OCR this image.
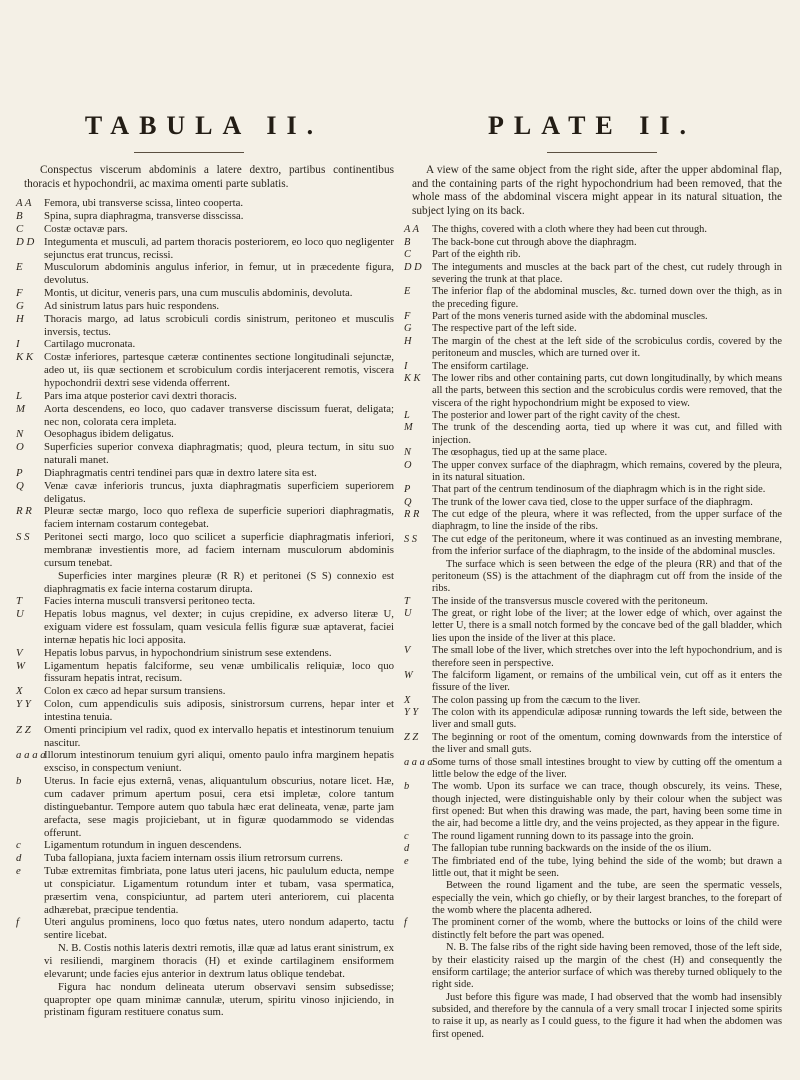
TABULA II.
Conspectus viscerum abdominis a latere dextro, partibus continentibus thoracis et hypochondrii, ac maxima omenti parte sublatis.
A A Femora, ubi transverse scissa, linteo cooperta.
B Spina, supra diaphragma, transverse disscissa.
C Costæ octavæ pars.
D D Integumenta et musculi, ad partem thoracis posteriorem, eo loco quo negligenter sejunctus erat truncus, recissi.
E Musculorum abdominis angulus inferior, in femur, ut in præcedente figura, devolutus.
F Montis, ut dicitur, veneris pars, una cum musculis abdominis, devoluta.
G Ad sinistrum latus pars huic respondens.
H Thoracis margo, ad latus scrobiculi cordis sinistrum, peritoneo et musculis inversis, tectus.
I Cartilago mucronata.
K K Costæ inferiores, partesque cæteræ continentes sectione longitudinali sejunctæ, adeo ut, iis quæ sectionem et scrobiculum cordis interjacerent remotis, viscera hypochondrii dextri sese videnda offerrent.
L Pars ima atque posterior cavi dextri thoracis.
M Aorta descendens, eo loco, quo cadaver transverse discissum fuerat, deligata; nec non, colorata cera impleta.
N Oesophagus ibidem deligatus.
O Superficies superior convexa diaphragmatis; quod, pleura tectum, in situ suo naturali manet.
P Diaphragmatis centri tendinei pars quæ in dextro latere sita est.
Q Venæ cavæ inferioris truncus, juxta diaphragmatis superficiem superiorem deligatus.
R R Pleuræ sectæ margo, loco quo reflexa de superficie superiori diaphragmatis, faciem internam costarum contegebat.
S S Peritonei secti margo, loco quo scilicet a superficie diaphragmatis inferiori, membranæ investientis more, ad faciem internam musculorum abdominis cursum tenebat.
Superficies inter margines pleuræ (R R) et peritonei (S S) connexio est diaphragmatis ex facie interna costarum dirupta.
T Facies interna musculi transversi peritoneo tecta.
U Hepatis lobus magnus, vel dexter; in cujus crepidine, ex adverso literæ U, exiguam videre est fossulam, quam vesicula fellis figuræ suæ aptaverat, faciei internæ hepatis hic loci apposita.
V Hepatis lobus parvus, in hypochondrium sinistrum sese extendens.
W Ligamentum hepatis falciforme, seu venæ umbilicalis reliquiæ, loco quo fissuram hepatis intrat, recisum.
X Colon ex cæco ad hepar sursum transiens.
Y Y Colon, cum appendiculis suis adiposis, sinistrorsum currens, hepar inter et intestina tenuia.
Z Z Omenti principium vel radix, quod ex intervallo hepatis et intestinorum tenuium nascitur.
a a a a
Illorum intestinorum tenuium gyri aliqui, omento paulo infra marginem hepatis exsciso, in conspectum veniunt.
b Uterus. In facie ejus externâ, venas, aliquantulum obscurius, notare licet. Hæ, cum cadaver primum apertum posui, cera etsi impletæ, colore tantum distinguebantur. Tempore autem quo tabula hæc erat delineata, venæ, parte jam arefacta, sese magis projiciebant, ut in figuræ quodammodo se videndas offerunt.
c Ligamentum rotundum in inguen descendens.
d Tuba fallopiana, juxta faciem internam ossis ilium retrorsum currens.
e Tubæ extremitas fimbriata, pone latus uteri jacens, hic paululum educta, nempe ut conspiciatur. Ligamentum rotundum inter et tubam, vasa spermatica, præsertim vena, conspiciuntur, ad partem uteri anteriorem, cui placenta adhærebat, præcipue tendentia.
f Uteri angulus prominens, loco quo fœtus nates, utero nondum adaperto, tactu sentire licebat.
N. B. Costis nothis lateris dextri remotis, illæ quæ ad latus erant sinistrum, ex vi resiliendi, marginem thoracis (H) et exinde cartilaginem ensiformem elevarunt; unde facies ejus anterior in dextrum latus oblique tendebat.
Figura hac nondum delineata uterum observavi sensim subsedisse; quapropter ope quam minimæ cannulæ, uterum, spiritu vinoso injiciendo, in pristinam figuram restituere conatus sum.
PLATE II.
A view of the same object from the right side, after the upper abdominal flap, and the containing parts of the right hypochondrium had been removed, that the whole mass of the abdominal viscera might appear in its natural situation, the subject lying on its back.
A A The thighs, covered with a cloth where they had been cut through.
B The back-bone cut through above the diaphragm.
C Part of the eighth rib.
D D The integuments and muscles at the back part of the chest, cut rudely through in severing the trunk at that place.
E The inferior flap of the abdominal muscles, &c. turned down over the thigh, as in the preceding figure.
F Part of the mons veneris turned aside with the abdominal muscles.
G The respective part of the left side.
H The margin of the chest at the left side of the scrobiculus cordis, covered by the peritoneum and muscles, which are turned over it.
I The ensiform cartilage.
K K The lower ribs and other containing parts, cut down longitudinally, by which means all the parts, between this section and the scrobiculus cordis were removed, that the viscera of the right hypochondrium might be exposed to view.
L The posterior and lower part of the right cavity of the chest.
M The trunk of the descending aorta, tied up where it was cut, and filled with injection.
N The œsophagus, tied up at the same place.
O The upper convex surface of the diaphragm, which remains, covered by the pleura, in its natural situation.
P That part of the centrum tendinosum of the diaphragm which is in the right side.
Q The trunk of the lower cava tied, close to the upper surface of the diaphragm.
R R The cut edge of the pleura, where it was reflected, from the upper surface of the diaphragm, to line the inside of the ribs.
S S The cut edge of the peritoneum, where it was continued as an investing membrane, from the inferior surface of the diaphragm, to the inside of the abdominal muscles.
The surface which is seen between the edge of the pleura (RR) and that of the peritoneum (SS) is the attachment of the diaphragm cut off from the inside of the ribs.
T The inside of the transversus muscle covered with the peritoneum.
U The great, or right lobe of the liver; at the lower edge of which, over against the letter U, there is a small notch formed by the concave bed of the gall bladder, which lies upon the inside of the liver at this place.
V The small lobe of the liver, which stretches over into the left hypochondrium, and is therefore seen in perspective.
W The falciform ligament, or remains of the umbilical vein, cut off as it enters the fissure of the liver.
X The colon passing up from the cæcum to the liver.
Y Y The colon with its appendiculæ adiposæ running towards the left side, between the liver and small guts.
Z Z The beginning or root of the omentum, coming downwards from the interstice of the liver and small guts.
a a a a Some turns of those small intestines brought to view by cutting off the omentum a little below the edge of the liver.
b The womb. Upon its surface we can trace, though obscurely, its veins. These, though injected, were distinguishable only by their colour when the subject was first opened: But when this drawing was made, the part, having been some time in the air, had become a little dry, and the veins projected, as they appear in the figure.
c The round ligament running down to its passage into the groin.
d The fallopian tube running backwards on the inside of the os ilium.
e The fimbriated end of the tube, lying behind the side of the womb; but drawn a little out, that it might be seen.
Between the round ligament and the tube, are seen the spermatic vessels, especially the vein, which go chiefly, or by their largest branches, to the forepart of the womb where the placenta adhered.
f The prominent corner of the womb, where the buttocks or loins of the child were distinctly felt before the part was opened.
N. B. The false ribs of the right side having been removed, those of the left side, by their elasticity raised up the margin of the chest (H) and consequently the ensiform cartilage; the anterior surface of which was thereby turned obliquely to the right side.
Just before this figure was made, I had observed that the womb had insensibly subsided, and therefore by the cannula of a very small trocar I injected some spirits to raise it up, as nearly as I could guess, to the figure it had when the abdomen was first opened.
